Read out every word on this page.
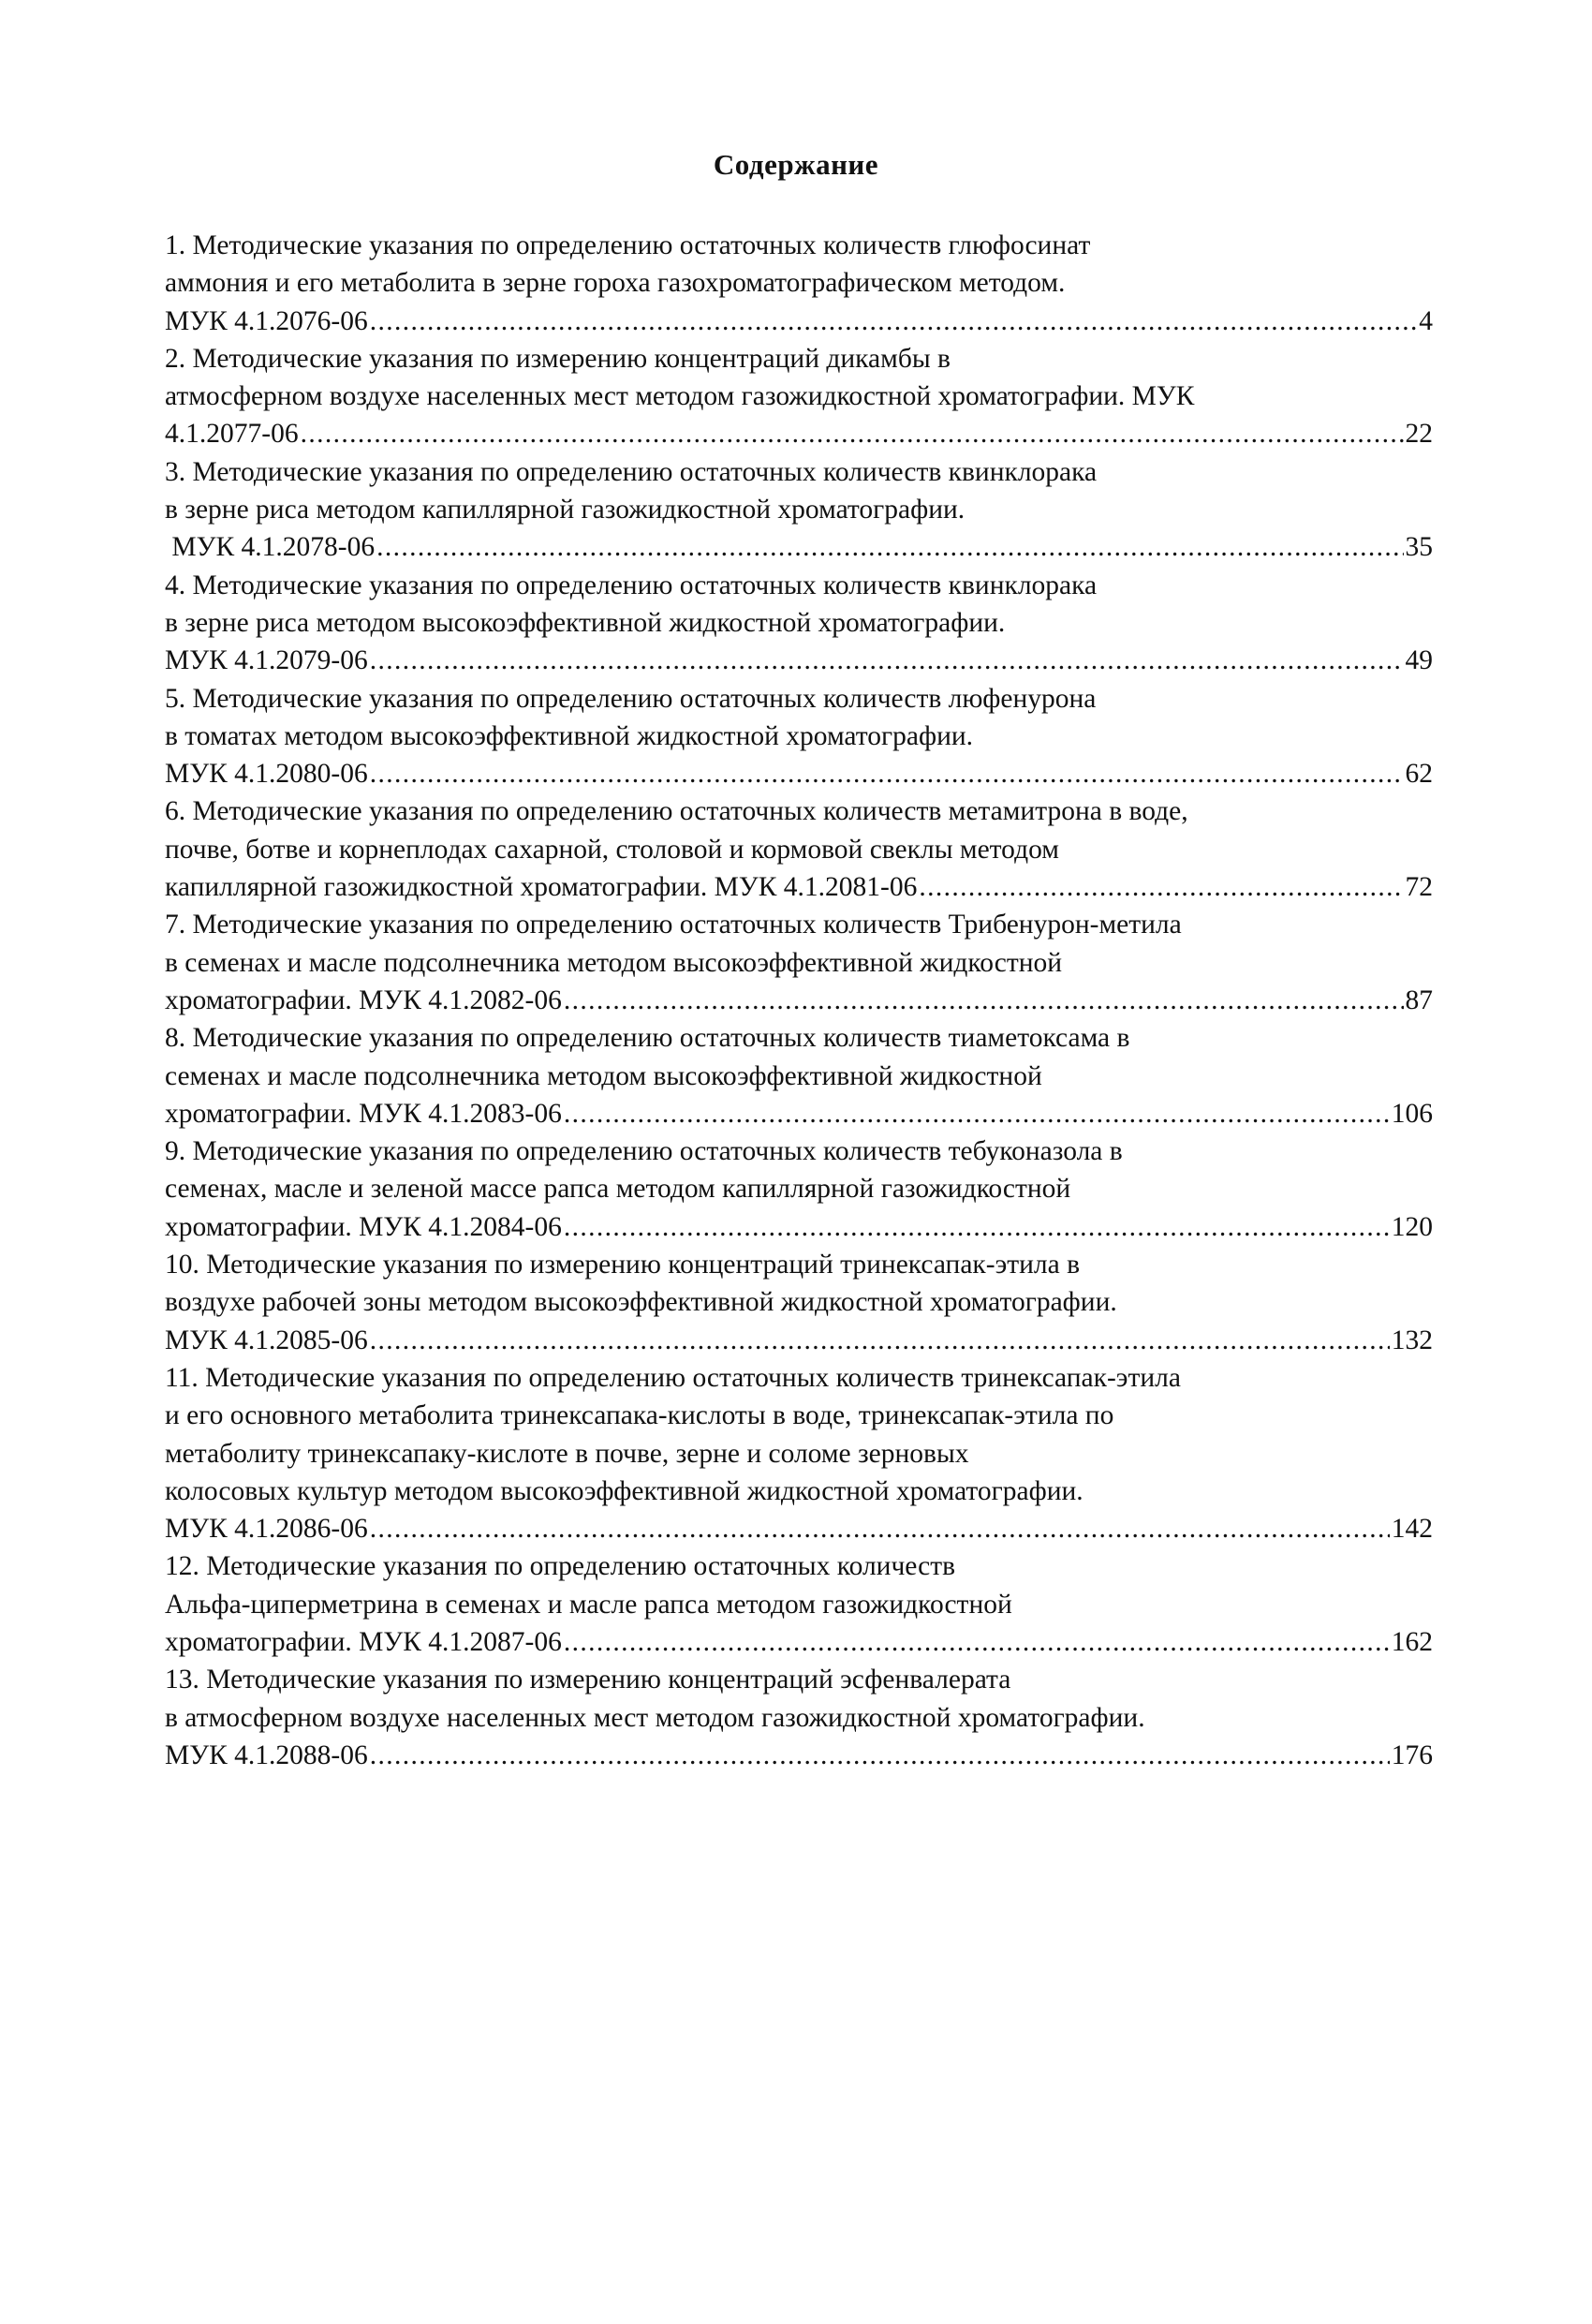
Содержание
1. Методические указания по определению остаточных количеств глюфосинат
аммония и его метаболита в зерне гороха газохроматографическом методом.
МУК 4.1.2076-06 . . .	4
2. Методические указания по измерению концентраций дикамбы в
атмосферном воздухе населенных мест методом газожидкостной хроматографии. МУК
4.1.2077-06 . . .	22
3. Методические указания по определению остаточных количеств квинклорака
в зерне риса методом капиллярной газожидкостной хроматографии.
МУК 4.1.2078-06 . . .	35
4. Методические указания по определению остаточных количеств квинклорака
в зерне риса методом высокоэффективной жидкостной хроматографии.
МУК 4.1.2079-06 . . .	49
5. Методические указания по определению остаточных количеств люфенурона
в томатах методом высокоэффективной жидкостной хроматографии.
МУК 4.1.2080-06 . . .	62
6. Методические указания по определению остаточных количеств метамитрона в воде,
почве, ботве и корнеплодах сахарной, столовой и кормовой свеклы методом
капиллярной газожидкостной хроматографии. МУК 4.1.2081-06 . . .	72
7. Методические указания по определению остаточных количеств Трибенурон-метила
в семенах и масле подсолнечника методом высокоэффективной жидкостной
хроматографии. МУК 4.1.2082-06 . . .	87
8. Методические указания по определению остаточных количеств тиаметоксама в
семенах и масле подсолнечника методом высокоэффективной жидкостной
хроматографии. МУК 4.1.2083-06 . . .	106
9. Методические указания по определению остаточных количеств тебуконазола в
семенах, масле и зеленой массе рапса методом капиллярной газожидкостной
хроматографии. МУК 4.1.2084-06 . . .	120
10. Методические указания по измерению концентраций тринексапак-этила в
воздухе рабочей зоны методом высокоэффективной жидкостной хроматографии.
МУК 4.1.2085-06 . . .	132
11. Методические указания по определению остаточных количеств тринексапак-этила
и его основного метаболита тринексапака-кислоты в воде, тринексапак-этила по
метаболиту тринексапаку-кислоте в почве, зерне и соломе зерновых
колосовых культур методом высокоэффективной жидкостной хроматографии.
МУК 4.1.2086-06 . . .	142
12. Методические указания по определению остаточных количеств
Альфа-циперметрина в семенах и масле рапса методом газожидкостной
хроматографии. МУК 4.1.2087-06 . . .	162
13. Методические указания по измерению концентраций эсфенвалерата
в атмосферном воздухе населенных мест методом газожидкостной хроматографии.
МУК 4.1.2088-06 . . .	176
